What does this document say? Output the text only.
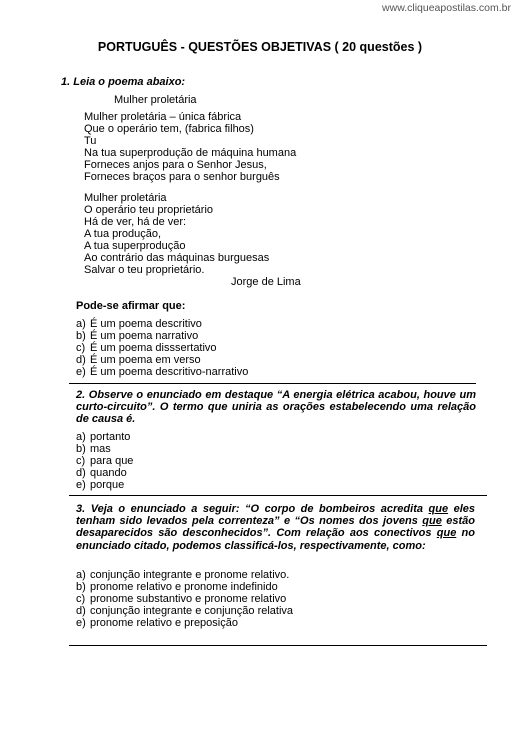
www.cliqueapostilas.com.br
PORTUGUÊS - QUESTÕES OBJETIVAS ( 20 questões )
1. Leia o poema abaixo:
Mulher proletária
Mulher proletária – única fábrica
Que o operário tem, (fabrica filhos)
Tu
Na tua superprodução de máquina humana
Forneces anjos para o Senhor Jesus,
Forneces braços para o senhor burguês
Mulher proletária
O operário teu proprietário
Há de ver, há de ver:
A tua produção,
A tua superprodução
Ao contrário das máquinas burguesas
Salvar o teu proprietário.
Jorge de Lima
Pode-se afirmar que:
a) É um poema descritivo
b) É um poema narrativo
c) É um poema disssertativo
d) É um poema em verso
e) É um poema descritivo-narrativo
2. Observe o enunciado em destaque “A energia elétrica acabou, houve um curto-circuito”. O termo que uniria as orações estabelecendo uma relação de causa é.
a) portanto
b) mas
c) para que
d) quando
e) porque
3. Veja o enunciado a seguir: “O corpo de bombeiros acredita que eles tenham sido levados pela correnteza” e “Os nomes dos jovens que estão desaparecidos são desconhecidos”. Com relação aos conectivos que no enunciado citado, podemos classificá-los, respectivamente, como:
a) conjunção integrante e pronome relativo.
b) pronome relativo e pronome indefinido
c) pronome substantivo e pronome relativo
d) conjunção integrante e conjunção relativa
e) pronome relativo e preposição
